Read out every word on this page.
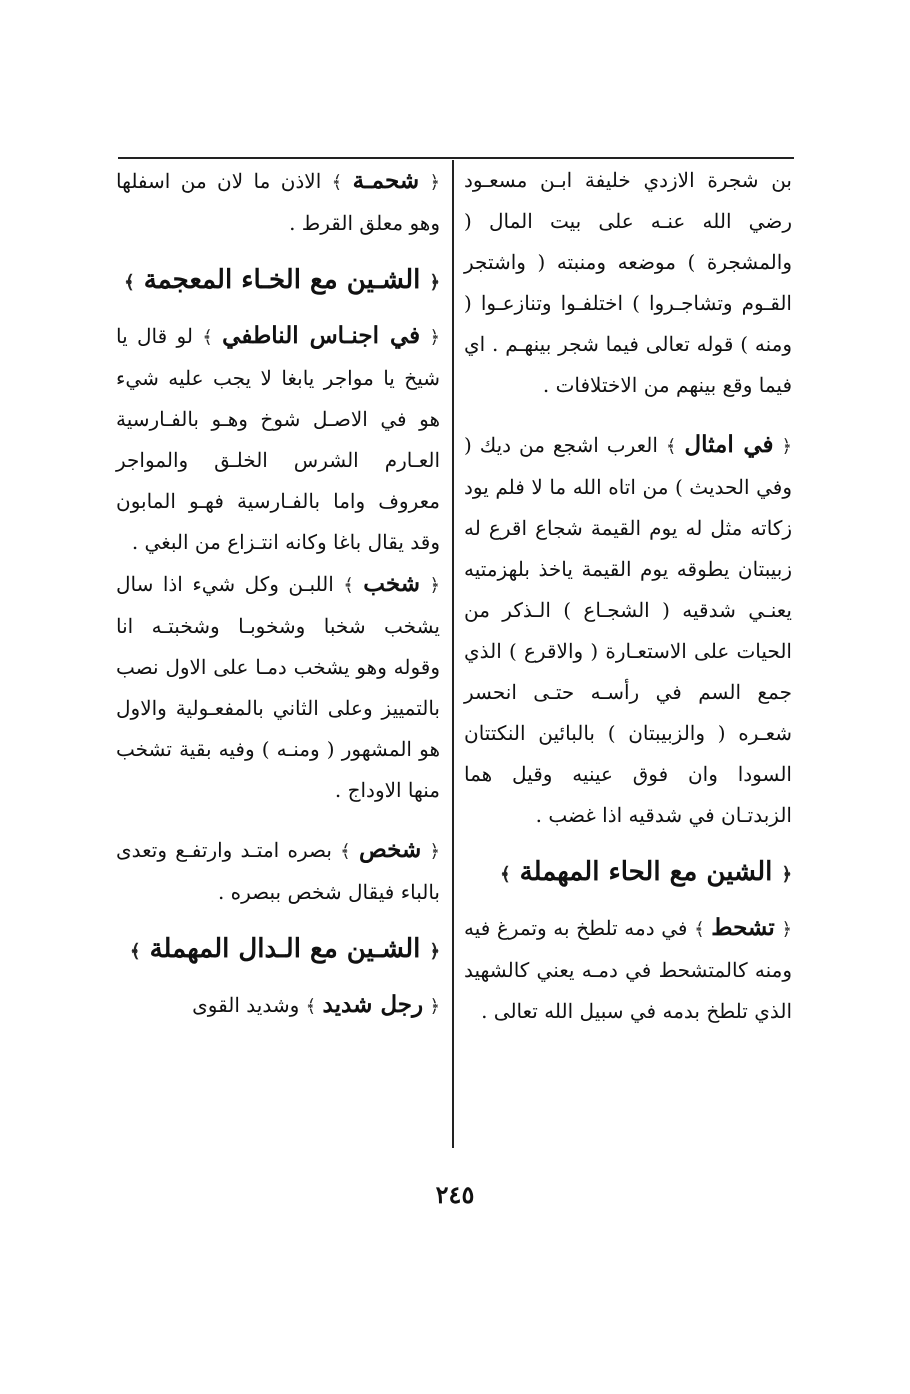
بن شجرة الازدي خليفة ابـن مسعـود رضي الله عنـه على بيت المال ( والمشجرة ) موضعه ومنبته ( واشتجر القـوم وتشاجـروا ) اختلفـوا وتنازعـوا ( ومنه ) قوله تعالى فيما شجر بينهـم . اي فيما وقع بينهم من الاختلافات .

﴿ في امثال ﴾ العرب اشجع من ديك ( وفي الحديث ) من اتاه الله ما لا فلم يود زكاته مثل له يوم القيمة شجاع اقرع له زبيبتان يطوقه يوم القيمة ياخذ بلهزمتيه يعنـي شدقيه ( الشجـاع ) الـذكر من الحيات على الاستعـارة ( والاقرع ) الذي جمع السم في رأسـه حتـى انحسر شعـره ( والزبيبتان ) بالبائين النكتتان السودا وان فوق عينيه وقيل هما الزبدتـان في شدقيه اذا غضب .

﴿ الشين مع الحاء المهملة ﴾

﴿ تشحط ﴾ في دمه تلطخ به وتمرغ فيه ومنه كالمتشحط في دمـه يعني كالشهيد الذي تلطخ بدمه في سبيل الله تعالى .

﴿ شحمـة ﴾ الاذن ما لان من اسفلها وهو معلق القرط .

﴿ الشـين مع الخـاء المعجمة ﴾

﴿ في اجنـاس الناطفي ﴾ لو قال يا شيخ يا مواجر يابغا لا يجب عليه شيء هو في الاصـل شوخ وهـو بالفـارسية العـارم الشرس الخلـق والمواجر معروف واما بالفـارسية فهـو المابون وقد يقال باغا وكانه انتـزاع من البغي .

﴿ شخب ﴾ اللبـن وكل شيء اذا سال يشخب شخبا وشخوبـا وشخبتـه انا وقوله وهو يشخب دمـا على الاول نصب بالتمييز وعلى الثاني بالمفعـولية والاول هو المشهور ( ومنـه ) وفيه بقية تشخب منها الاوداج .

﴿ شخص ﴾ بصره امتـد وارتفـع وتعدى بالباء فيقال شخص ببصره .

﴿ الشـين مع الـدال المهملة ﴾

﴿ رجل شديد ﴾ وشديد القوى

٢٤٥
